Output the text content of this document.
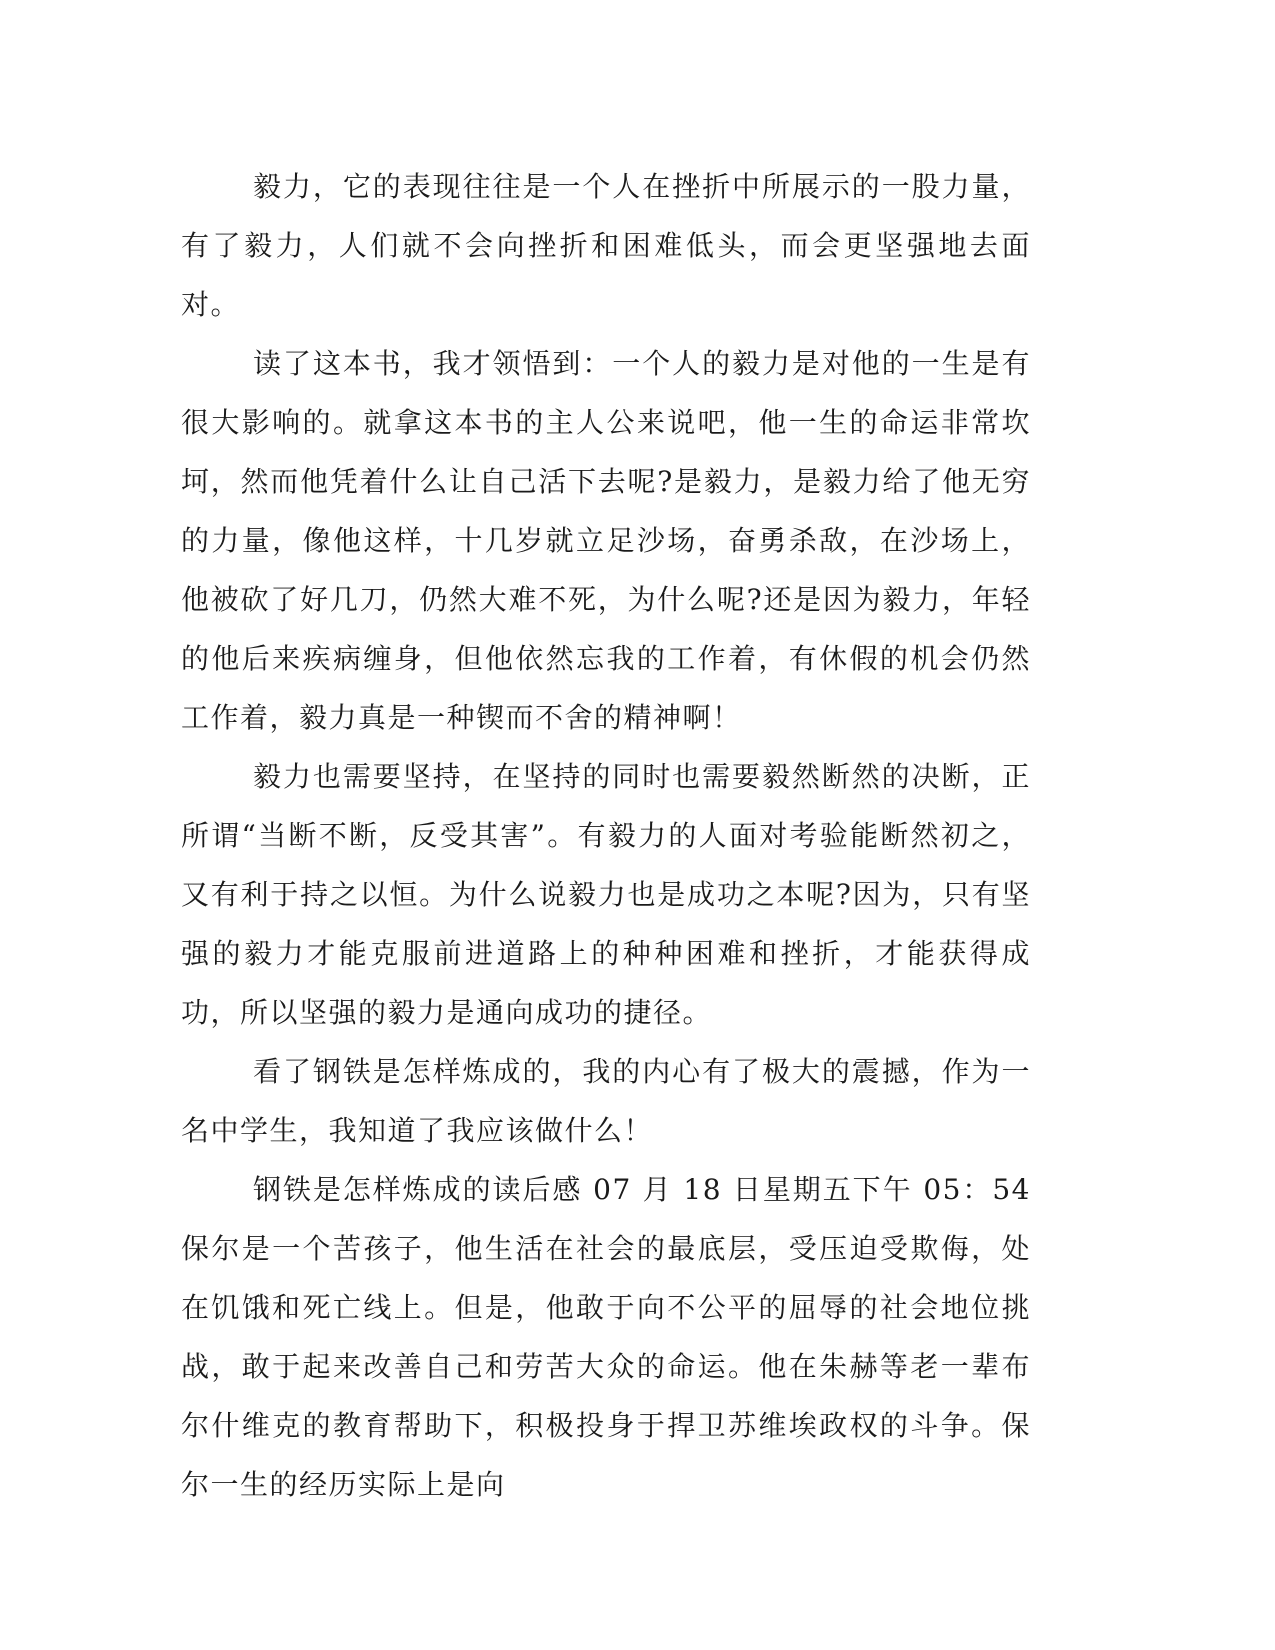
毅力，它的表现往往是一个人在挫折中所展示的一股力量，有了毅力，人们就不会向挫折和困难低头，而会更坚强地去面对。

读了这本书，我才领悟到：一个人的毅力是对他的一生是有很大影响的。就拿这本书的主人公来说吧，他一生的命运非常坎坷，然而他凭着什么让自己活下去呢?是毅力，是毅力给了他无穷的力量，像他这样，十几岁就立足沙场，奋勇杀敌，在沙场上，他被砍了好几刀，仍然大难不死，为什么呢?还是因为毅力，年轻的他后来疾病缠身，但他依然忘我的工作着，有休假的机会仍然工作着，毅力真是一种锲而不舍的精神啊！

毅力也需要坚持，在坚持的同时也需要毅然断然的决断，正所谓“当断不断，反受其害”。有毅力的人面对考验能断然初之，又有利于持之以恒。为什么说毅力也是成功之本呢?因为，只有坚强的毅力才能克服前进道路上的种种困难和挫折，才能获得成功，所以坚强的毅力是通向成功的捷径。

看了钢铁是怎样炼成的，我的内心有了极大的震撼，作为一名中学生，我知道了我应该做什么！

钢铁是怎样炼成的读后感 07 月 18 日星期五下午 05：54 保尔是一个苦孩子，他生活在社会的最底层，受压迫受欺侮，处在饥饿和死亡线上。但是，他敢于向不公平的屈辱的社会地位挑战，敢于起来改善自己和劳苦大众的命运。他在朱赫等老一辈布尔什维克的教育帮助下，积极投身于捍卫苏维埃政权的斗争。保尔一生的经历实际上是向
